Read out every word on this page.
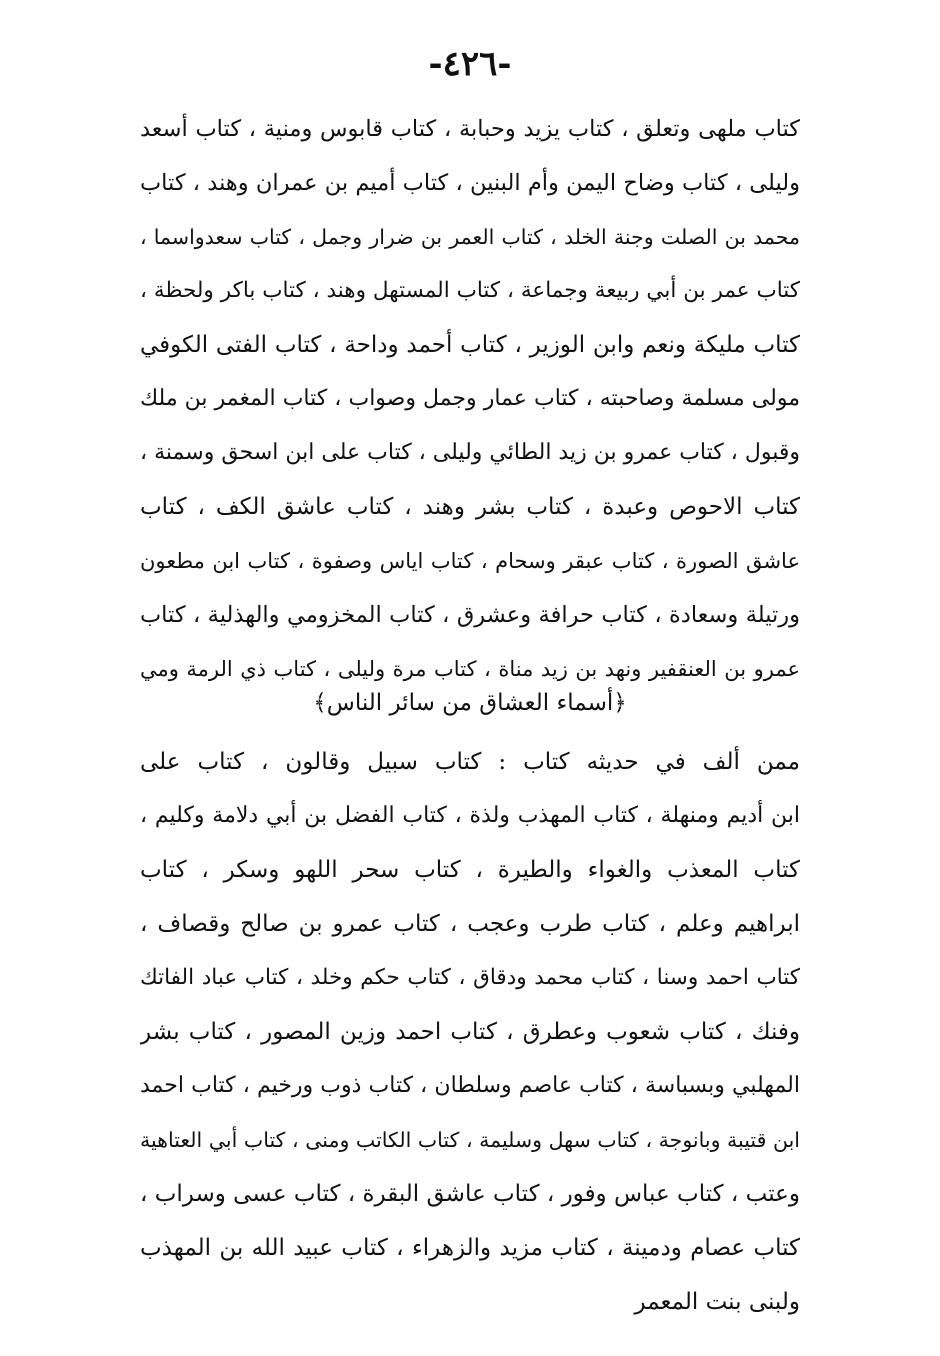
-٤٢٦-
كتاب ملهى وتعلق ، كتاب يزيد وحبابة ، كتاب قابوس ومنية ، كتاب أسعد
وليلى ، كتاب وضاح اليمن وأم البنين ، كتاب أميم بن عمران وهند ، كتاب
محمد بن الصلت وجنة الخلد ، كتاب العمر بن ضرار وجمل ، كتاب سعدواسما ،
كتاب عمر بن أبي ربيعة وجماعة ، كتاب المستهل وهند ، كتاب باكر ولحظة ،
كتاب مليكة ونعم وابن الوزير ، كتاب أحمد وداحة ، كتاب الفتى الكوفي
مولى مسلمة وصاحبته ، كتاب عمار وجمل وصواب ، كتاب المغمر بن ملك
وقبول ، كتاب عمرو بن زيد الطائي وليلى ، كتاب على ابن اسحق وسمنة ،
كتاب الاحوص وعبدة ، كتاب بشر وهند ، كتاب عاشق الكف ، كتاب
عاشق الصورة ، كتاب عبقر وسحام ، كتاب اياس وصفوة ، كتاب ابن مطعون
ورتيلة وسعادة ، كتاب حرافة وعشرق ، كتاب المخزومي والهذلية ، كتاب
عمرو بن العنقفير ونهد بن زيد مناة ، كتاب مرة وليلى ، كتاب ذي الرمة ومي
﴿أسماء العشاق من سائر الناس﴾
ممن ألف في حديثه كتاب : كتاب سبيل وقالون ، كتاب على
ابن أديم ومنهلة ، كتاب المهذب ولذة ، كتاب الفضل بن أبي دلامة وكليم ،
كتاب المعذب والغواء والطيرة ، كتاب سحر اللهو وسكر ، كتاب
ابراهيم وعلم ، كتاب طرب وعجب ، كتاب عمرو بن صالح وقصاف ،
كتاب احمد وسنا ، كتاب محمد ودقاق ، كتاب حكم وخلد ، كتاب عباد الفاتك
وفنك ، كتاب شعوب وعطرق ، كتاب احمد وزين المصور ، كتاب بشر
المهلبي وبسباسة ، كتاب عاصم وسلطان ، كتاب ذوب ورخيم ، كتاب احمد
ابن قتيبة وبانوجة ، كتاب سهل وسليمة ، كتاب الكاتب ومنى ، كتاب أبي العتاهية
وعتب ، كتاب عباس وفور ، كتاب عاشق البقرة ، كتاب عسى وسراب ،
كتاب عصام ودمينة ، كتاب مزيد والزهراء ، كتاب عبيد الله بن المهذب
ولبنى بنت المعمر
